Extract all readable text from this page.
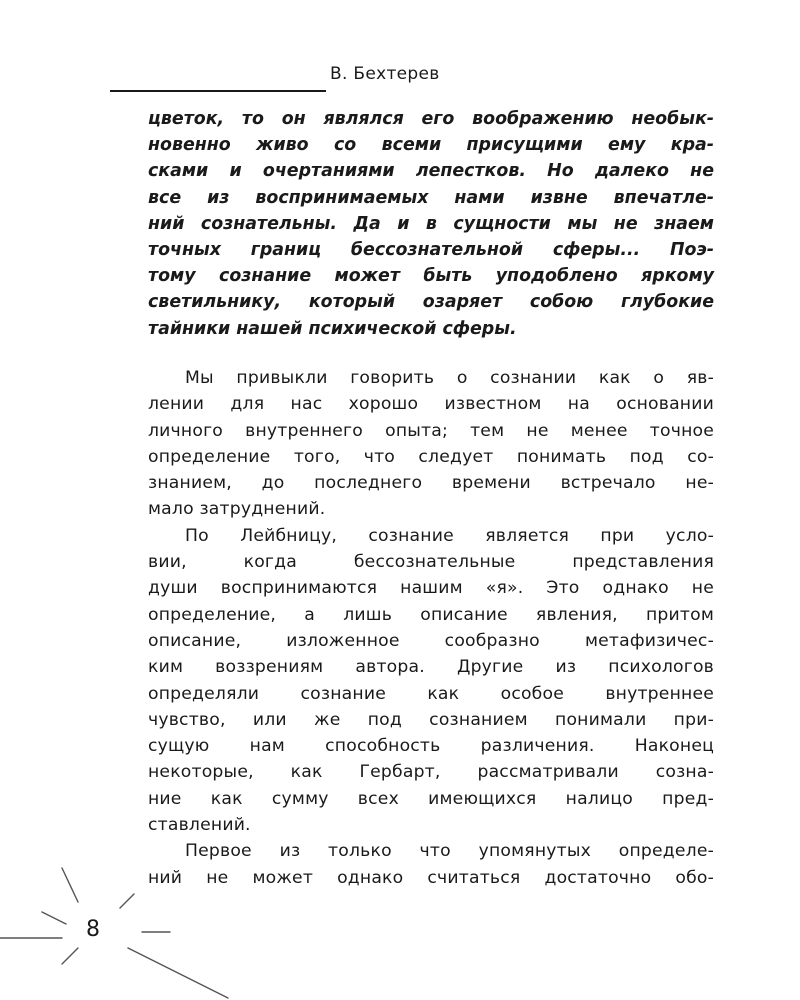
В. Бехтерев
цветок, то он являлся его воображению необык-
новенно живо со всеми присущими ему кра-
сками и очертаниями лепестков. Но далеко не
все из воспринимаемых нами извне впечатле-
ний сознательны. Да и в сущности мы не знаем
точных границ бессознательной сферы... Поэ-
тому сознание может быть уподоблено яркому
светильнику, который озаряет собою глубокие
тайники нашей психической сферы.
Мы привыкли говорить о сознании как о яв-
лении для нас хорошо известном на основании
личного внутреннего опыта; тем не менее точное
определение того, что следует понимать под со-
знанием, до последнего времени встречало не-
мало затруднений.
По Лейбницу, сознание является при усло-
вии, когда бессознательные представления
души воспринимаются нашим «я». Это однако не
определение, а лишь описание явления, притом
описание, изложенное сообразно метафизичес-
ким воззрениям автора. Другие из психологов
определяли сознание как особое внутреннее
чувство, или же под сознанием понимали при-
сущую нам способность различения. Наконец
некоторые, как Гербарт, рассматривали созна-
ние как сумму всех имеющихся налицо пред-
ставлений.
Первое из только что упомянутых определе-
ний не может однако считаться достаточно обо-
8
